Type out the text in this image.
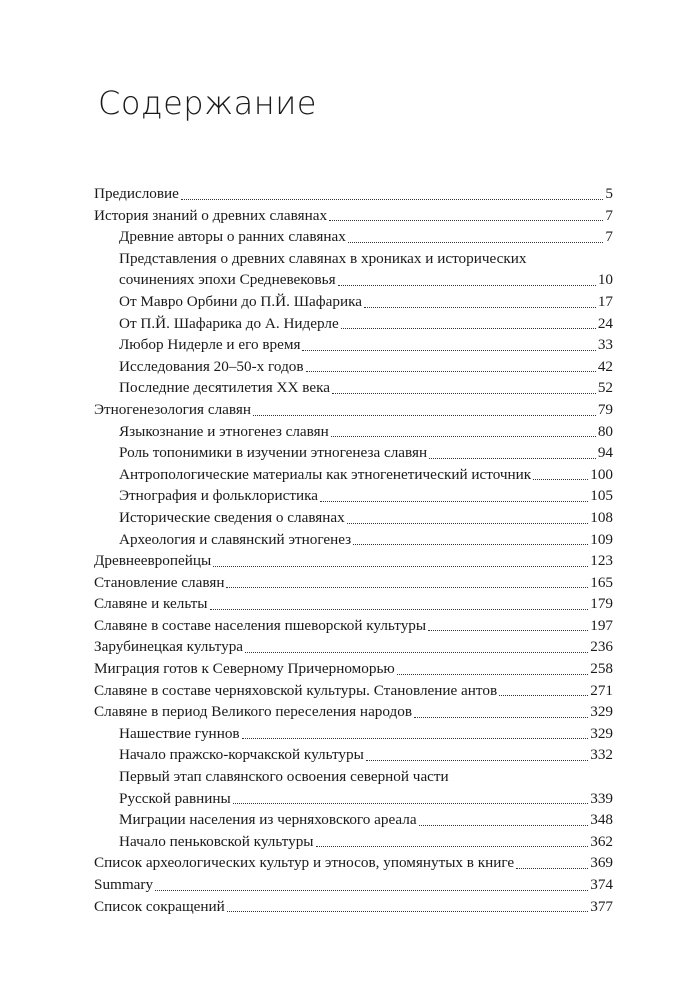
Содержание
Предисловие	5
История знаний о древних славянах	7
Древние авторы о ранних славянах	7
Представления о древних славянах в хрониках и исторических
сочинениях эпохи Средневековья	10
От Мавро Орбини до П.Й. Шафарика	17
От П.Й. Шафарика до А. Нидерле	24
Любор Нидерле и его время	33
Исследования 20–50-х годов	42
Последние десятилетия XX века	52
Этногенезология славян	79
Языкознание и этногенез славян	80
Роль топонимики в изучении этногенеза славян	94
Антропологические материалы как этногенетический источник	100
Этнография и фольклористика	105
Исторические сведения о славянах	108
Археология и славянский этногенез	109
Древнеевропейцы	123
Становление славян	165
Славяне и кельты	179
Славяне в составе населения пшеворской культуры	197
Зарубинецкая культура	236
Миграция готов к Северному Причерноморью	258
Славяне в составе черняховской культуры. Становление антов	271
Славяне в период Великого переселения народов	329
Нашествие гуннов	329
Начало пражско-корчакской культуры	332
Первый этап славянского освоения северной части
Русской равнины	339
Миграции населения из черняховского ареала	348
Начало пеньковской культуры	362
Список археологических культур и этносов, упомянутых в книге	369
Summary	374
Список сокращений	377
